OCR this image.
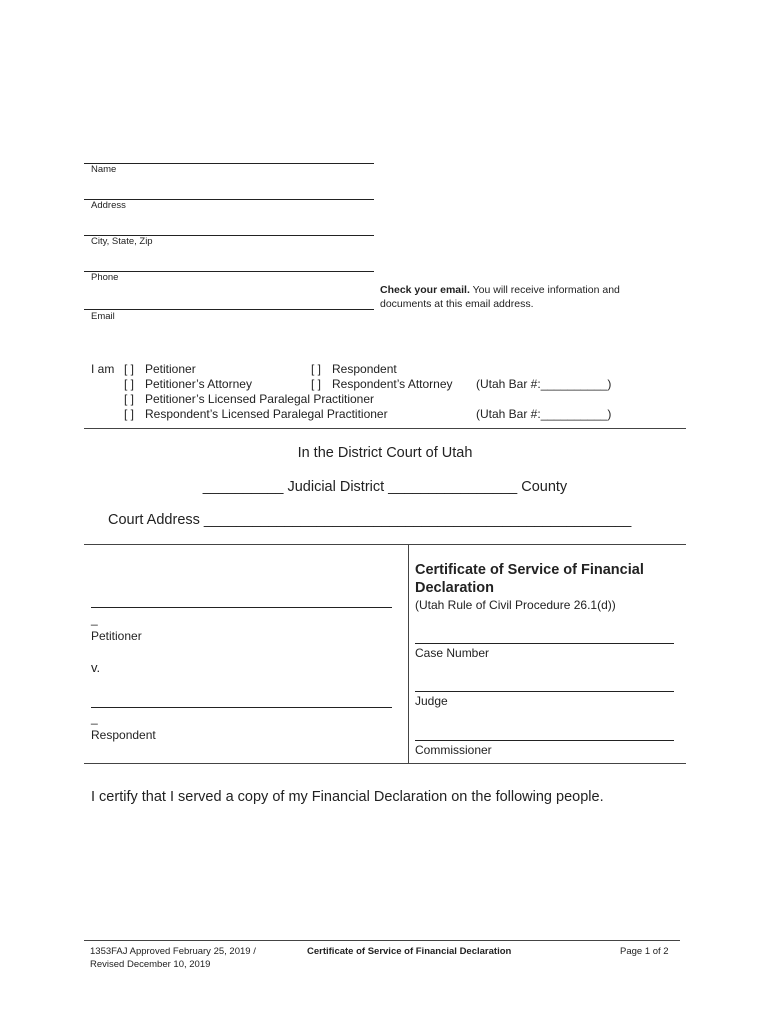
Name
Address
City, State, Zip
Phone
Email
Check your email. You will receive information and documents at this email address.
I am [ ] Petitioner	[ ] Respondent
[ ] Petitioner’s Attorney	[ ] Respondent’s Attorney (Utah Bar #:__________)
[ ] Petitioner’s Licensed Paralegal Practitioner
[ ] Respondent’s Licensed Paralegal Practitioner	(Utah Bar #:__________)
In the District Court of Utah
__________ Judicial District ________________ County
Court Address _____________________________________________________
_
Petitioner
v.
_
Respondent
Certificate of Service of Financial Declaration
(Utah Rule of Civil Procedure 26.1(d))
Case Number
Judge
Commissioner
I certify that I served a copy of my Financial Declaration on the following people.
1353FAJ Approved February 25, 2019 / Revised December 10, 2019
Certificate of Service of Financial Declaration	Page 1 of 2
